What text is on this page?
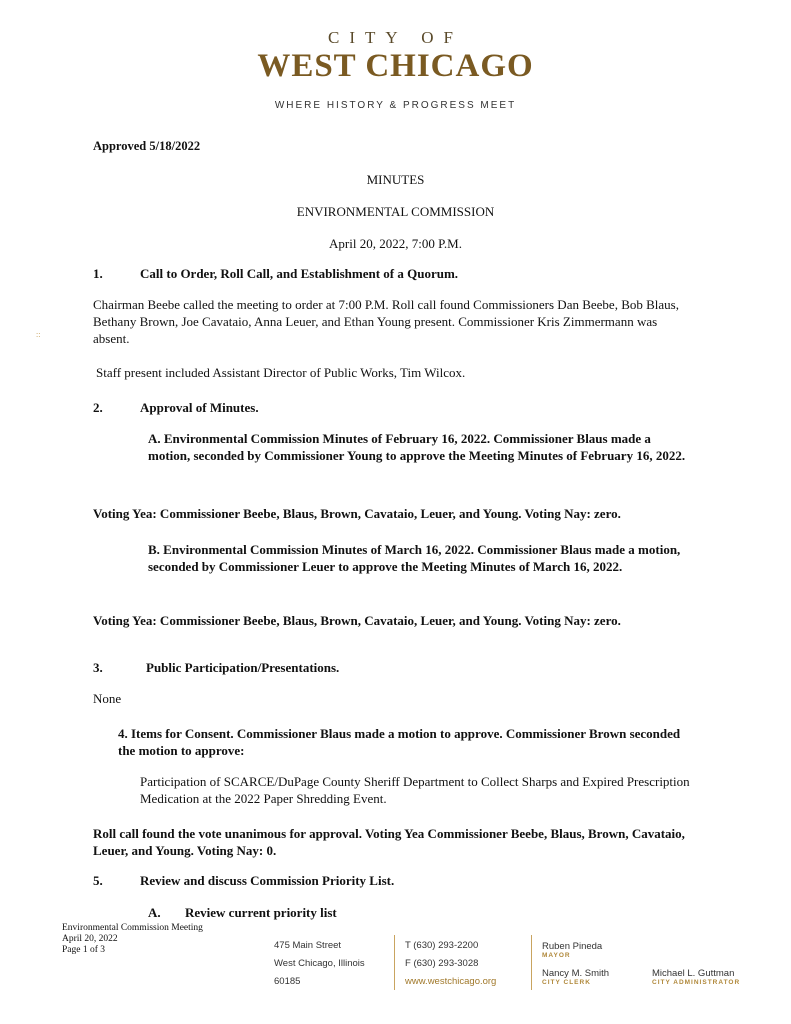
CITY OF
WEST CHICAGO
WHERE HISTORY & PROGRESS MEET
Approved 5/18/2022
MINUTES
ENVIRONMENTAL COMMISSION
April 20, 2022, 7:00 P.M.
1.	Call to Order, Roll Call, and Establishment of a Quorum.
Chairman Beebe called the meeting to order at 7:00 P.M. Roll call found Commissioners Dan Beebe, Bob Blaus, Bethany Brown, Joe Cavataio, Anna Leuer, and Ethan Young present. Commissioner Kris Zimmermann was absent.
::
Staff present included Assistant Director of Public Works, Tim Wilcox.
2.	Approval of Minutes.
A. Environmental Commission Minutes of February 16, 2022. Commissioner Blaus made a motion, seconded by Commissioner Young to approve the Meeting Minutes of February 16, 2022.
Voting Yea: Commissioner Beebe, Blaus, Brown, Cavataio, Leuer, and Young. Voting Nay: zero.
B. Environmental Commission Minutes of March 16, 2022. Commissioner Blaus made a motion, seconded by Commissioner Leuer to approve the Meeting Minutes of March 16, 2022.
Voting Yea: Commissioner Beebe, Blaus, Brown, Cavataio, Leuer, and Young. Voting Nay: zero.
3.	Public Participation/Presentations.
None
4. Items for Consent. Commissioner Blaus made a motion to approve. Commissioner Brown seconded the motion to approve:
Participation of SCARCE/DuPage County Sheriff Department to Collect Sharps and Expired Prescription Medication at the 2022 Paper Shredding Event.
Roll call found the vote unanimous for approval. Voting Yea Commissioner Beebe, Blaus, Brown, Cavataio, Leuer, and Young. Voting Nay: 0.
5.	Review and discuss Commission Priority List.
A. Review current priority list
Environmental Commission Meeting
April 20, 2022
Page 1 of 3	475 Main Street
West Chicago, Illinois
60185
T (630) 293-2200
F (630) 293-3028
www.westchicago.org
Ruben Pineda
MAYOR
Nancy M. Smith
CITY CLERK
Michael L. Guttman
CITY ADMINISTRATOR
